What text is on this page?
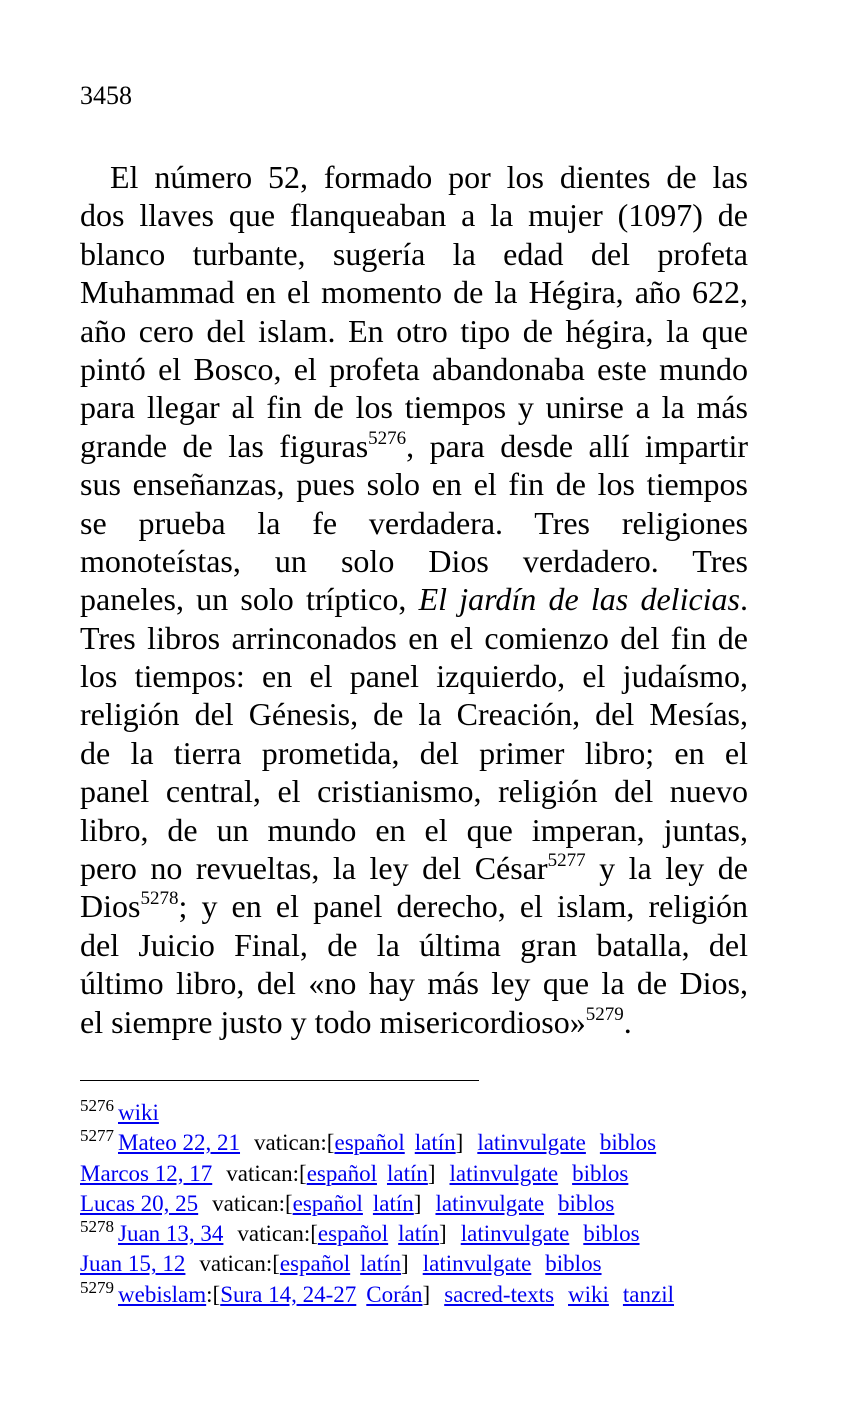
3458
El número 52, formado por los dientes de las
dos llaves que flanqueaban a la mujer (1097) de
blanco turbante, sugería la edad del profeta
Muhammad en el momento de la Hégira, año 622,
año cero del islam. En otro tipo de hégira, la que
pintó el Bosco, el profeta abandonaba este mundo
para llegar al fin de los tiempos y unirse a la más
grande de las figuras$^{5276}$, para desde allí impartir
sus enseñanzas, pues solo en el fin de los tiempos
se prueba la fe verdadera. Tres religiones
monoteístas, un solo Dios verdadero. Tres
paneles, un solo tríptico, El jardín de las delicias.
Tres libros arrinconados en el comienzo del fin de
los tiempos: en el panel izquierdo, el judaísmo,
religión del Génesis, de la Creación, del Mesías,
de la tierra prometida, del primer libro; en el
panel central, el cristianismo, religión del nuevo
libro, de un mundo en el que imperan, juntas,
pero no revueltas, la ley del César$^{5277}$ y la ley de
Dios$^{5278}$; y en el panel derecho, el islam, religión
del Juicio Final, de la última gran batalla, del
último libro, del «no hay más ley que la de Dios,
el siempre justo y todo misericordioso»$^{5279}$.
$^{5276}$ wiki
$^{5277}$ Mateo 22, 21 vatican:[español latín] latinvulgate biblos
Marcos 12, 17 vatican:[español latín] latinvulgate biblos
Lucas 20, 25 vatican:[español latín] latinvulgate biblos
$^{5278}$ Juan 13, 34 vatican:[español latín] latinvulgate biblos
Juan 15, 12 vatican:[español latín] latinvulgate biblos
$^{5279}$ webislam:[Sura 14, 24-27 Corán] sacred-texts wiki tanzil
